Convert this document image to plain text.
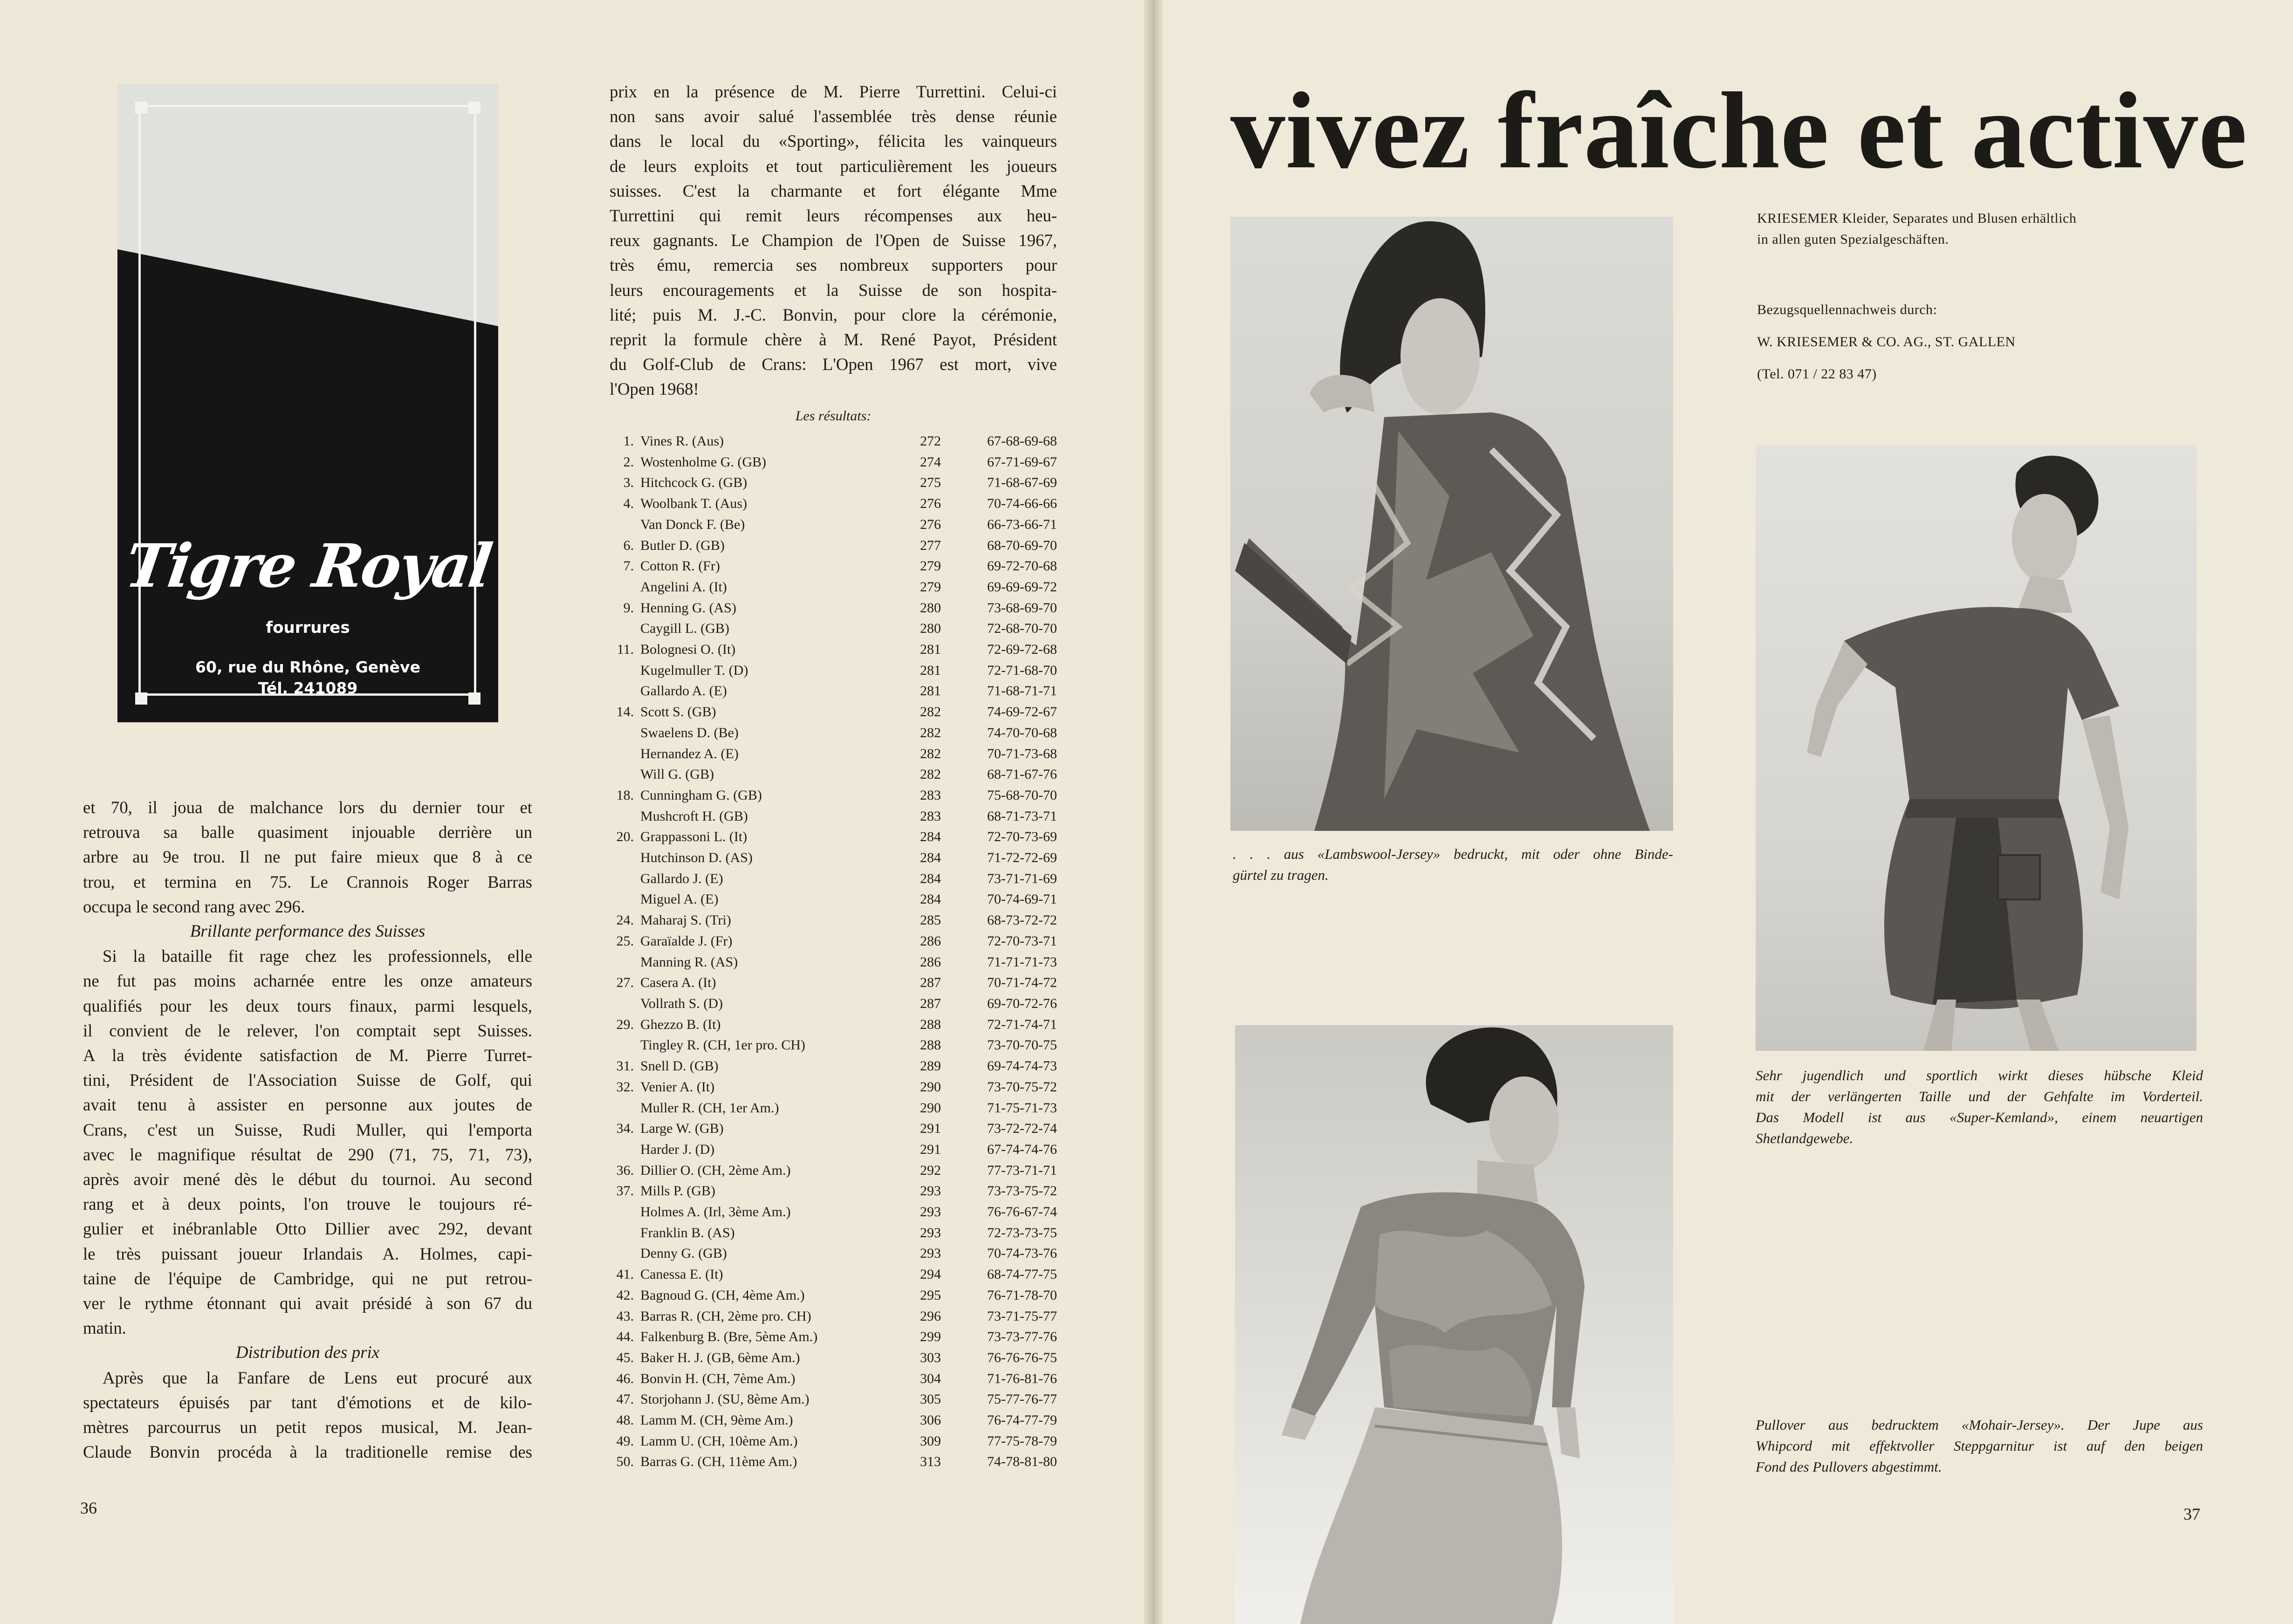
Tigre Royal
fourrures
60, rue du Rhône, Genève
Tél. 241089

et 70, il joua de malchance lors du dernier tour et
retrouva sa balle quasiment injouable derrière un
arbre au 9e trou. Il ne put faire mieux que 8 à ce
trou, et termina en 75. Le Crannois Roger Barras
occupa le second rang avec 296.

Brillante performance des Suisses

Si la bataille fit rage chez les professionnels, elle
ne fut pas moins acharnée entre les onze amateurs
qualifiés pour les deux tours finaux, parmi lesquels,
il convient de le relever, l'on comptait sept Suisses.
A la très évidente satisfaction de M. Pierre Turret-
tini, Président de l'Association Suisse de Golf, qui
avait tenu à assister en personne aux joutes de
Crans, c'est un Suisse, Rudi Muller, qui l'emporta
avec le magnifique résultat de 290 (71, 75, 71, 73),
après avoir mené dès le début du tournoi. Au second
rang et à deux points, l'on trouve le toujours ré-
gulier et inébranlable Otto Dillier avec 292, devant
le très puissant joueur Irlandais A. Holmes, capi-
taine de l'équipe de Cambridge, qui ne put retrou-
ver le rythme étonnant qui avait présidé à son 67 du
matin.

Distribution des prix

Après que la Fanfare de Lens eut procuré aux
spectateurs épuisés par tant d'émotions et de kilo-
mètres parcourrus un petit repos musical, M. Jean-
Claude Bonvin procéda à la traditionelle remise des

prix en la présence de M. Pierre Turrettini. Celui-ci
non sans avoir salué l'assemblée très dense réunie
dans le local du «Sporting», félicita les vainqueurs
de leurs exploits et tout particulièrement les joueurs
suisses. C'est la charmante et fort élégante Mme
Turrettini qui remit leurs récompenses aux heu-
reux gagnants. Le Champion de l'Open de Suisse 1967,
très ému, remercia ses nombreux supporters pour
leurs encouragements et la Suisse de son hospita-
lité; puis M. J.-C. Bonvin, pour clore la cérémonie,
reprit la formule chère à M. René Payot, Président
du Golf-Club de Crans: L'Open 1967 est mort, vive
l'Open 1968!

Les résultats:
1.	Vines R. (Aus)	272	67-68-69-68
2.	Wostenholme G. (GB)	274	67-71-69-67
3.	Hitchcock G. (GB)	275	71-68-67-69
4.	Woolbank T. (Aus)	276	70-74-66-66
	Van Donck F. (Be)	276	66-73-66-71
6.	Butler D. (GB)	277	68-70-69-70
7.	Cotton R. (Fr)	279	69-72-70-68
	Angelini A. (It)	279	69-69-69-72
9.	Henning G. (AS)	280	73-68-69-70
	Caygill L. (GB)	280	72-68-70-70
11.	Bolognesi O. (It)	281	72-69-72-68
	Kugelmuller T. (D)	281	72-71-68-70
	Gallardo A. (E)	281	71-68-71-71
14.	Scott S. (GB)	282	74-69-72-67
	Swaelens D. (Be)	282	74-70-70-68
	Hernandez A. (E)	282	70-71-73-68
	Will G. (GB)	282	68-71-67-76
18.	Cunningham G. (GB)	283	75-68-70-70
	Mushcroft H. (GB)	283	68-71-73-71
20.	Grappassoni L. (It)	284	72-70-73-69
	Hutchinson D. (AS)	284	71-72-72-69
	Gallardo J. (E)	284	73-71-71-69
	Miguel A. (E)	284	70-74-69-71
24.	Maharaj S. (Tri)	285	68-73-72-72
25.	Garaïalde J. (Fr)	286	72-70-73-71
	Manning R. (AS)	286	71-71-71-73
27.	Casera A. (It)	287	70-71-74-72
	Vollrath S. (D)	287	69-70-72-76
29.	Ghezzo B. (It)	288	72-71-74-71
	Tingley R. (CH, 1er pro. CH)	288	73-70-70-75
31.	Snell D. (GB)	289	69-74-74-73
32.	Venier A. (It)	290	73-70-75-72
	Muller R. (CH, 1er Am.)	290	71-75-71-73
34.	Large W. (GB)	291	73-72-72-74
	Harder J. (D)	291	67-74-74-76
36.	Dillier O. (CH, 2ème Am.)	292	77-73-71-71
37.	Mills P. (GB)	293	73-73-75-72
	Holmes A. (Irl, 3ème Am.)	293	76-76-67-74
	Franklin B. (AS)	293	72-73-73-75
	Denny G. (GB)	293	70-74-73-76
41.	Canessa E. (It)	294	68-74-77-75
42.	Bagnoud G. (CH, 4ème Am.)	295	76-71-78-70
43.	Barras R. (CH, 2ème pro. CH)	296	73-71-75-77
44.	Falkenburg B. (Bre, 5ème Am.)	299	73-73-77-76
45.	Baker H. J. (GB, 6ème Am.)	303	76-76-76-75
46.	Bonvin H. (CH, 7ème Am.)	304	71-76-81-76
47.	Storjohann J. (SU, 8ème Am.)	305	75-77-76-77
48.	Lamm M. (CH, 9ème Am.)	306	76-74-77-79
49.	Lamm U. (CH, 10ème Am.)	309	77-75-78-79
50.	Barras G. (CH, 11ème Am.)	313	74-78-81-80
36
vivez fraîche et active
KRIESEMER Kleider, Separates und Blusen erhältlich
in allen guten Spezialgeschäften.
Bezugsquellennachweis durch:
W. KRIESEMER & CO. AG., ST. GALLEN
(Tel. 071 / 22 83 47)
. . . aus «Lambswool-Jersey» bedruckt, mit oder ohne Binde-
gürtel zu tragen.
Sehr jugendlich und sportlich wirkt dieses hübsche Kleid
mit der verlängerten Taille und der Gehfalte im Vorderteil.
Das Modell ist aus «Super-Kemland», einem neuartigen
Shetlandgewebe.
Pullover aus bedrucktem «Mohair-Jersey». Der Jupe aus
Whipcord mit effektvoller Steppgarnitur ist auf den beigen
Fond des Pullovers abgestimmt.
37
